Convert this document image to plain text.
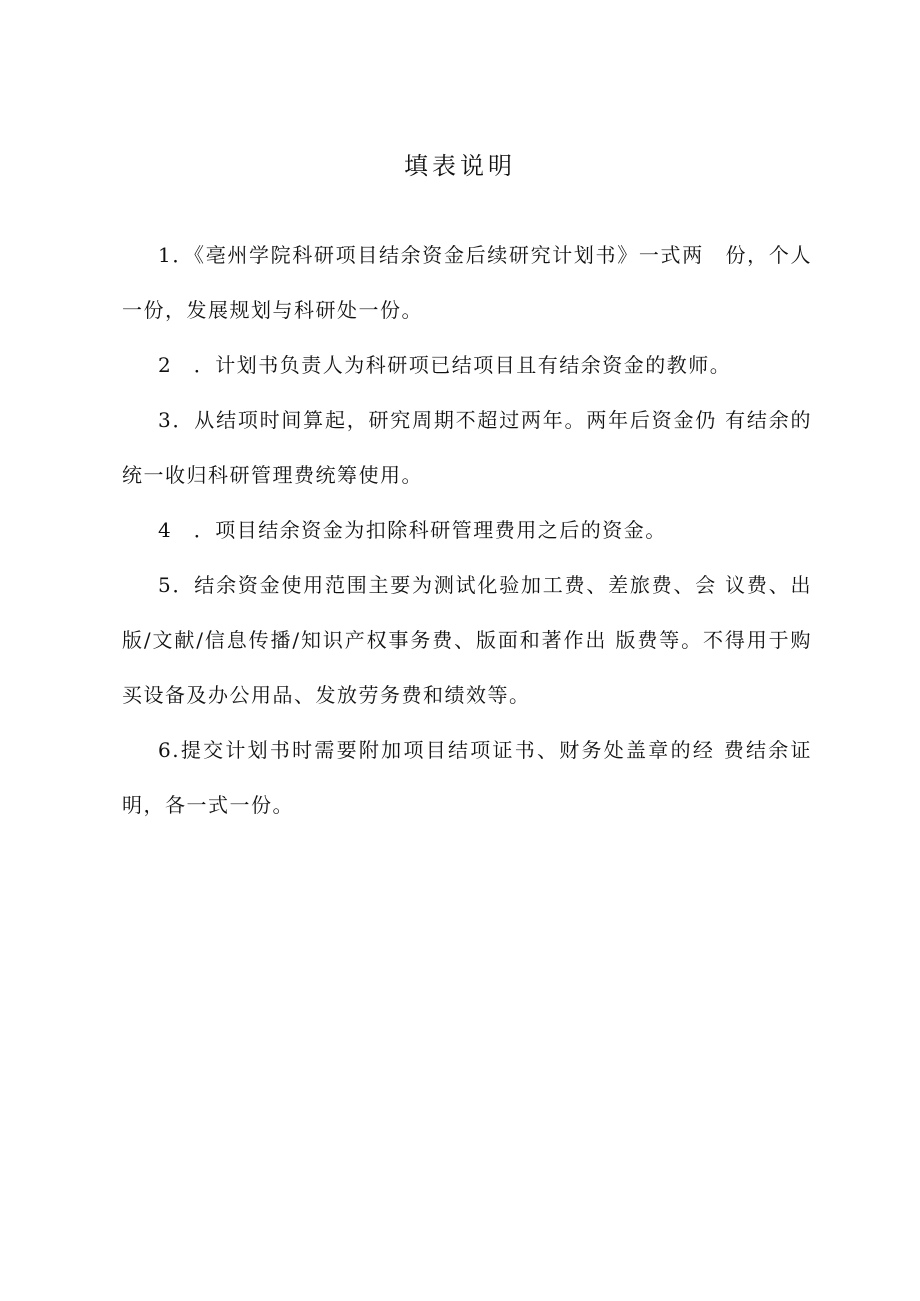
填表说明

1．《亳州学院科研项目结余资金后续研究计划书》一式两　份，个人一份，发展规划与科研处一份。

2　．计划书负责人为科研项已结项目且有结余资金的教师。

3．从结项时间算起，研究周期不超过两年。两年后资金仍 有结余的统一收归科研管理费统筹使用。

4　．项目结余资金为扣除科研管理费用之后的资金。

5．结余资金使用范围主要为测试化验加工费、差旅费、会 议费、出版/文献/信息传播/知识产权事务费、版面和著作出 版费等。不得用于购买设备及办公用品、发放劳务费和绩效等。

6.提交计划书时需要附加项目结项证书、财务处盖章的经 费结余证明，各一式一份。
